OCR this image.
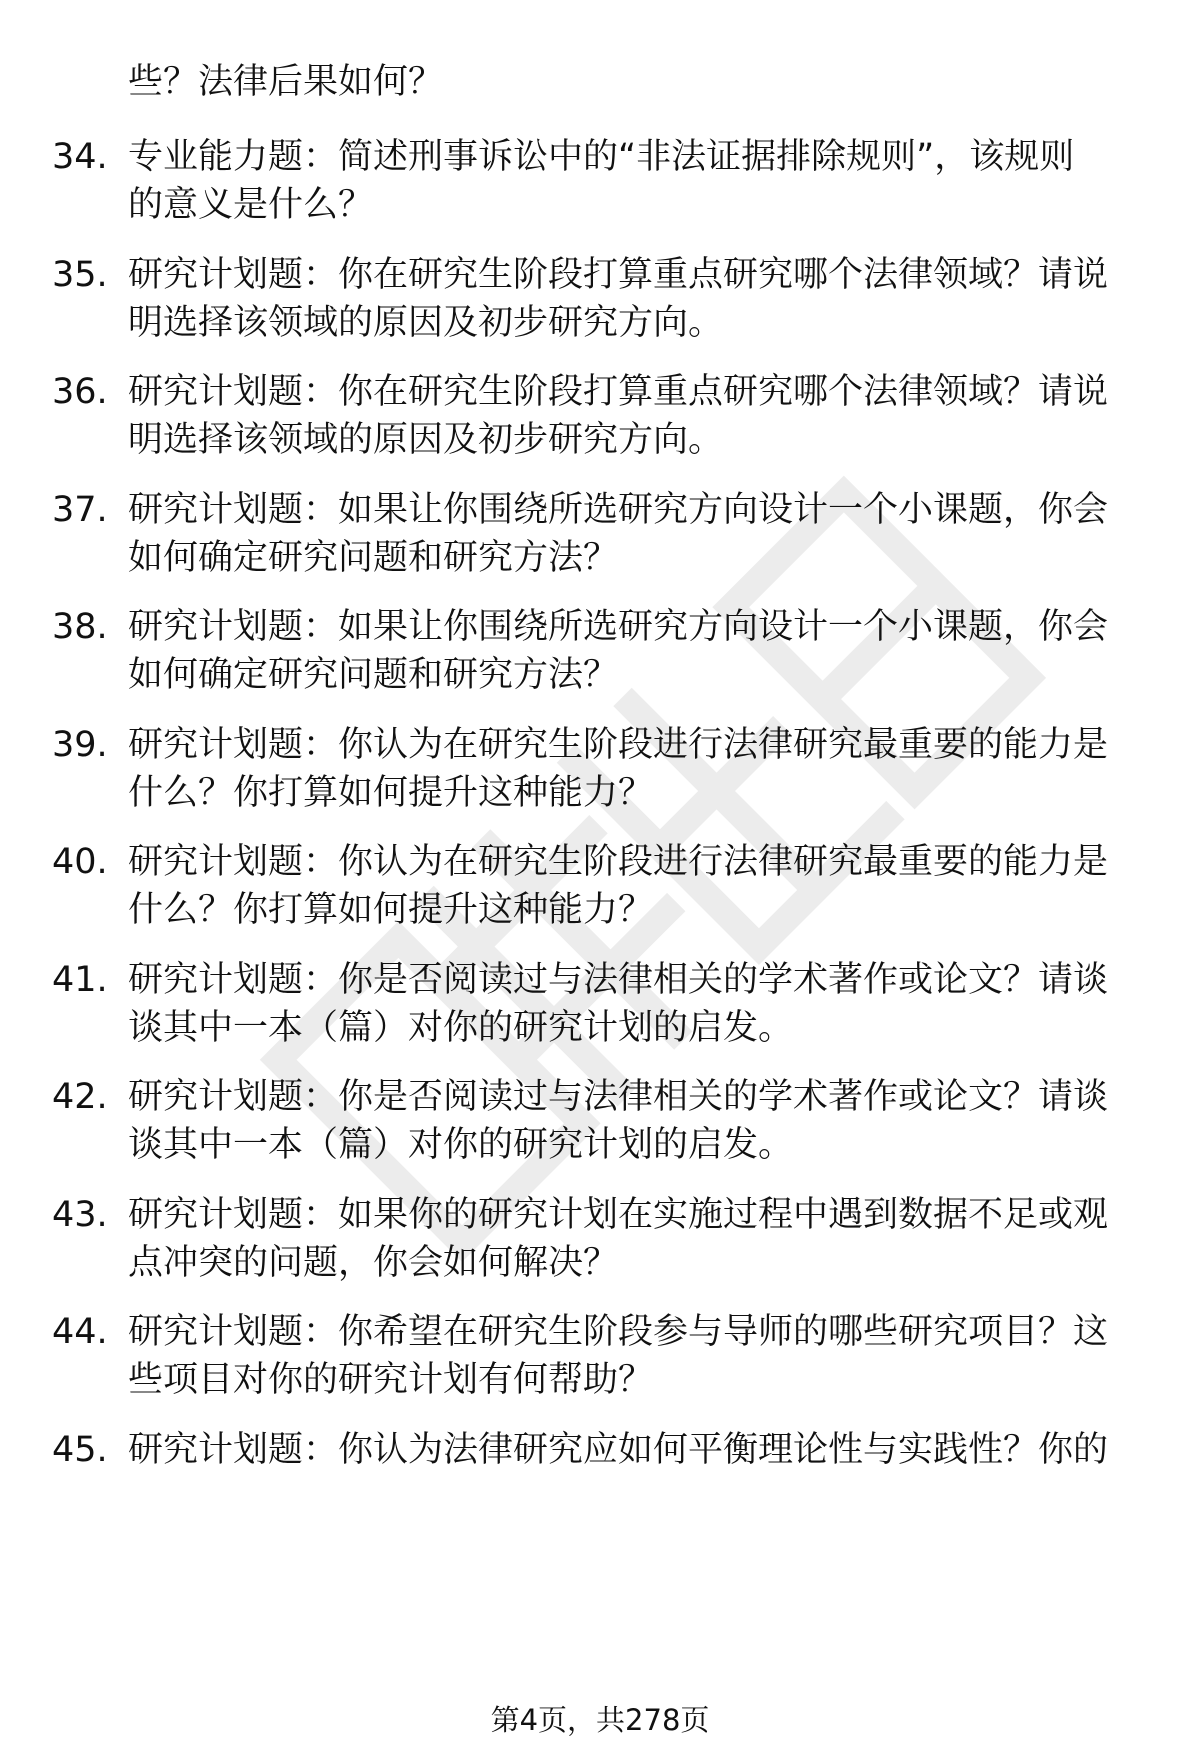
些？法律后果如何？
34. 专业能力题：简述刑事诉讼中的“非法证据排除规则”，该规则
的意义是什么？
35. 研究计划题：你在研究生阶段打算重点研究哪个法律领域？请说
明选择该领域的原因及初步研究方向。
36. 研究计划题：你在研究生阶段打算重点研究哪个法律领域？请说
明选择该领域的原因及初步研究方向。
37. 研究计划题：如果让你围绕所选研究方向设计一个小课题，你会
如何确定研究问题和研究方法？
38. 研究计划题：如果让你围绕所选研究方向设计一个小课题，你会
如何确定研究问题和研究方法？
39. 研究计划题：你认为在研究生阶段进行法律研究最重要的能力是
什么？你打算如何提升这种能力？
40. 研究计划题：你认为在研究生阶段进行法律研究最重要的能力是
什么？你打算如何提升这种能力？
41. 研究计划题：你是否阅读过与法律相关的学术著作或论文？请谈
谈其中一本（篇）对你的研究计划的启发。
42. 研究计划题：你是否阅读过与法律相关的学术著作或论文？请谈
谈其中一本（篇）对你的研究计划的启发。
43. 研究计划题：如果你的研究计划在实施过程中遇到数据不足或观
点冲突的问题，你会如何解决？
44. 研究计划题：你希望在研究生阶段参与导师的哪些研究项目？这
些项目对你的研究计划有何帮助？
45. 研究计划题：你认为法律研究应如何平衡理论性与实践性？你的
第4页，共278页
